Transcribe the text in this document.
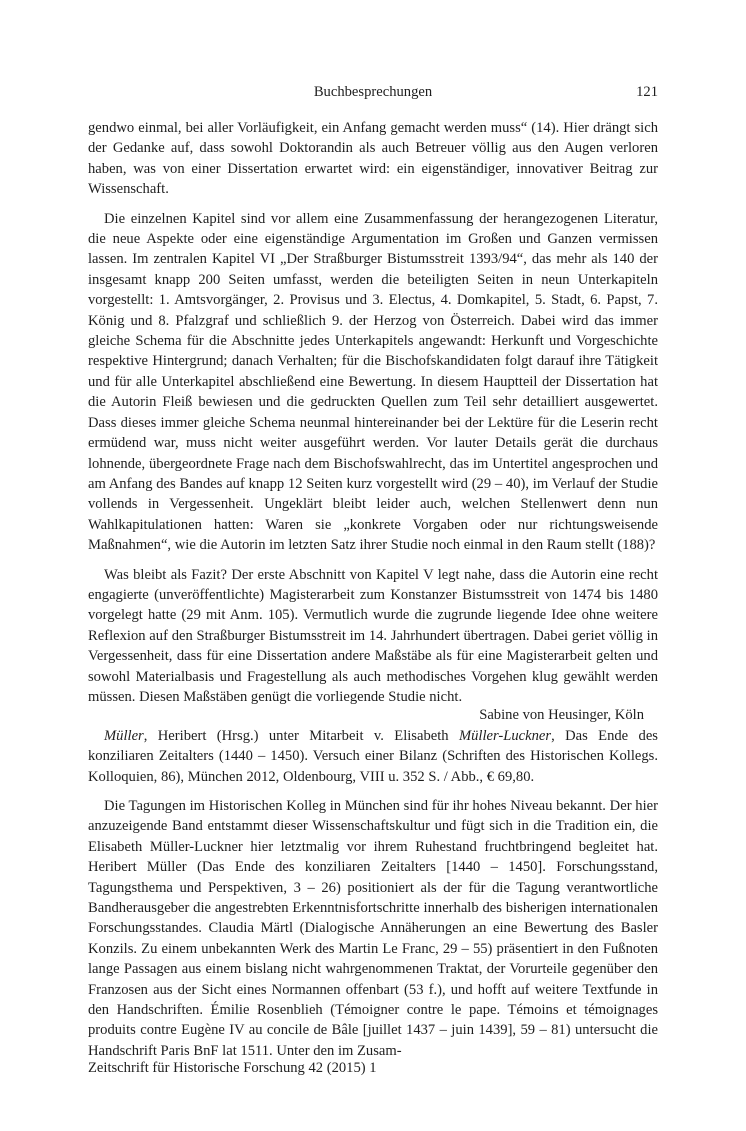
Buchbesprechungen	121

gendwo einmal, bei aller Vorläufigkeit, ein Anfang gemacht werden muss“ (14). Hier drängt sich der Gedanke auf, dass sowohl Doktorandin als auch Betreuer völlig aus den Augen verloren haben, was von einer Dissertation erwartet wird: ein eigenständiger, innovativer Beitrag zur Wissenschaft.

Die einzelnen Kapitel sind vor allem eine Zusammenfassung der herangezogenen Literatur, die neue Aspekte oder eine eigenständige Argumentation im Großen und Ganzen vermissen lassen. Im zentralen Kapitel VI „Der Straßburger Bistumsstreit 1393/94“, das mehr als 140 der insgesamt knapp 200 Seiten umfasst, werden die beteiligten Seiten in neun Unterkapiteln vorgestellt: 1. Amtsvorgänger, 2. Provisus und 3. Electus, 4. Domkapitel, 5. Stadt, 6. Papst, 7. König und 8. Pfalzgraf und schließlich 9. der Herzog von Österreich. Dabei wird das immer gleiche Schema für die Abschnitte jedes Unterkapitels angewandt: Herkunft und Vorgeschichte respektive Hintergrund; danach Verhalten; für die Bischofskandidaten folgt darauf ihre Tätigkeit und für alle Unterkapitel abschließend eine Bewertung. In diesem Hauptteil der Dissertation hat die Autorin Fleiß bewiesen und die gedruckten Quellen zum Teil sehr detailliert ausgewertet. Dass dieses immer gleiche Schema neunmal hintereinander bei der Lektüre für die Leserin recht ermüdend war, muss nicht weiter ausgeführt werden. Vor lauter Details gerät die durchaus lohnende, übergeordnete Frage nach dem Bischofswahlrecht, das im Untertitel angesprochen und am Anfang des Bandes auf knapp 12 Seiten kurz vorgestellt wird (29 – 40), im Verlauf der Studie vollends in Vergessenheit. Ungeklärt bleibt leider auch, welchen Stellenwert denn nun Wahlkapitulationen hatten: Waren sie „konkrete Vorgaben oder nur richtungsweisende Maßnahmen“, wie die Autorin im letzten Satz ihrer Studie noch einmal in den Raum stellt (188)?

Was bleibt als Fazit? Der erste Abschnitt von Kapitel V legt nahe, dass die Autorin eine recht engagierte (unveröffentlichte) Magisterarbeit zum Konstanzer Bistumsstreit von 1474 bis 1480 vorgelegt hatte (29 mit Anm. 105). Vermutlich wurde die zugrunde liegende Idee ohne weitere Reflexion auf den Straßburger Bistumsstreit im 14. Jahrhundert übertragen. Dabei geriet völlig in Vergessenheit, dass für eine Dissertation andere Maßstäbe als für eine Magisterarbeit gelten und sowohl Materialbasis und Fragestellung als auch methodisches Vorgehen klug gewählt werden müssen. Diesen Maßstäben genügt die vorliegende Studie nicht.

Sabine von Heusinger, Köln

Müller, Heribert (Hrsg.) unter Mitarbeit v. Elisabeth Müller-Luckner, Das Ende des konziliaren Zeitalters (1440 – 1450). Versuch einer Bilanz (Schriften des Historischen Kollegs. Kolloquien, 86), München 2012, Oldenbourg, VIII u. 352 S. / Abb., € 69,80.

Die Tagungen im Historischen Kolleg in München sind für ihr hohes Niveau bekannt. Der hier anzuzeigende Band entstammt dieser Wissenschaftskultur und fügt sich in die Tradition ein, die Elisabeth Müller-Luckner hier letztmalig vor ihrem Ruhestand fruchtbringend begleitet hat. Heribert Müller (Das Ende des konziliaren Zeitalters [1440 – 1450]. Forschungsstand, Tagungsthema und Perspektiven, 3 – 26) positioniert als der für die Tagung verantwortliche Bandherausgeber die angestrebten Erkenntnisfortschritte innerhalb des bisherigen internationalen Forschungsstandes. Claudia Märtl (Dialogische Annäherungen an eine Bewertung des Basler Konzils. Zu einem unbekannten Werk des Martin Le Franc, 29 – 55) präsentiert in den Fußnoten lange Passagen aus einem bislang nicht wahrgenommenen Traktat, der Vorurteile gegenüber den Franzosen aus der Sicht eines Normannen offenbart (53 f.), und hofft auf weitere Textfunde in den Handschriften. Émilie Rosenblieh (Témoigner contre le pape. Témoins et témoignages produits contre Eugène IV au concile de Bâle [juillet 1437 – juin 1439], 59 – 81) untersucht die Handschrift Paris BnF lat 1511. Unter den im Zusam-

Zeitschrift für Historische Forschung 42 (2015) 1
